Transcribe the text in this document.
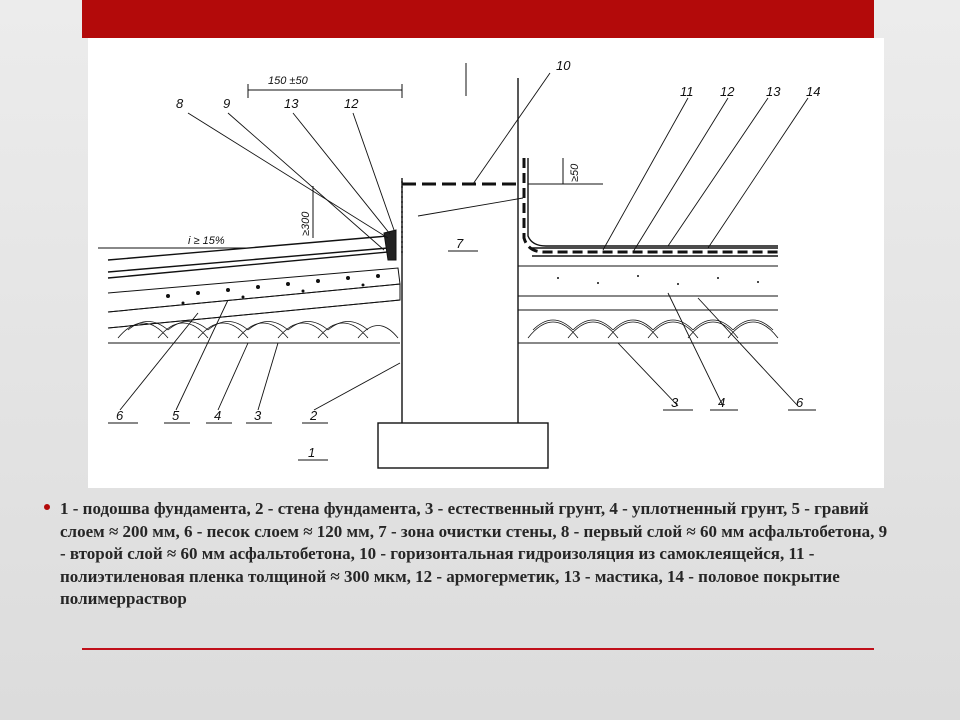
8	9	13	12
10
11 12 13 14
7
6	5	4	3	2
1
3	4	6
150 ±50
≥300
≥50
i ≥ 15%
1 - подошва фундамента, 2 - стена фундамента, 3 - естественный грунт, 4 - уплотненный грунт, 5 - гравий слоем ≈ 200 мм, 6 - песок слоем ≈ 120 мм, 7 - зона очистки стены, 8 - первый слой ≈ 60 мм асфальтобетона, 9 - второй слой ≈ 60 мм асфальтобетона, 10 - горизонтальная гидроизоляция из самоклеящейся, 11 - полиэтиленовая пленка толщиной ≈ 300 мкм, 12 - армогерметик, 13 - мастика, 14 - половое покрытие полимерраствор
